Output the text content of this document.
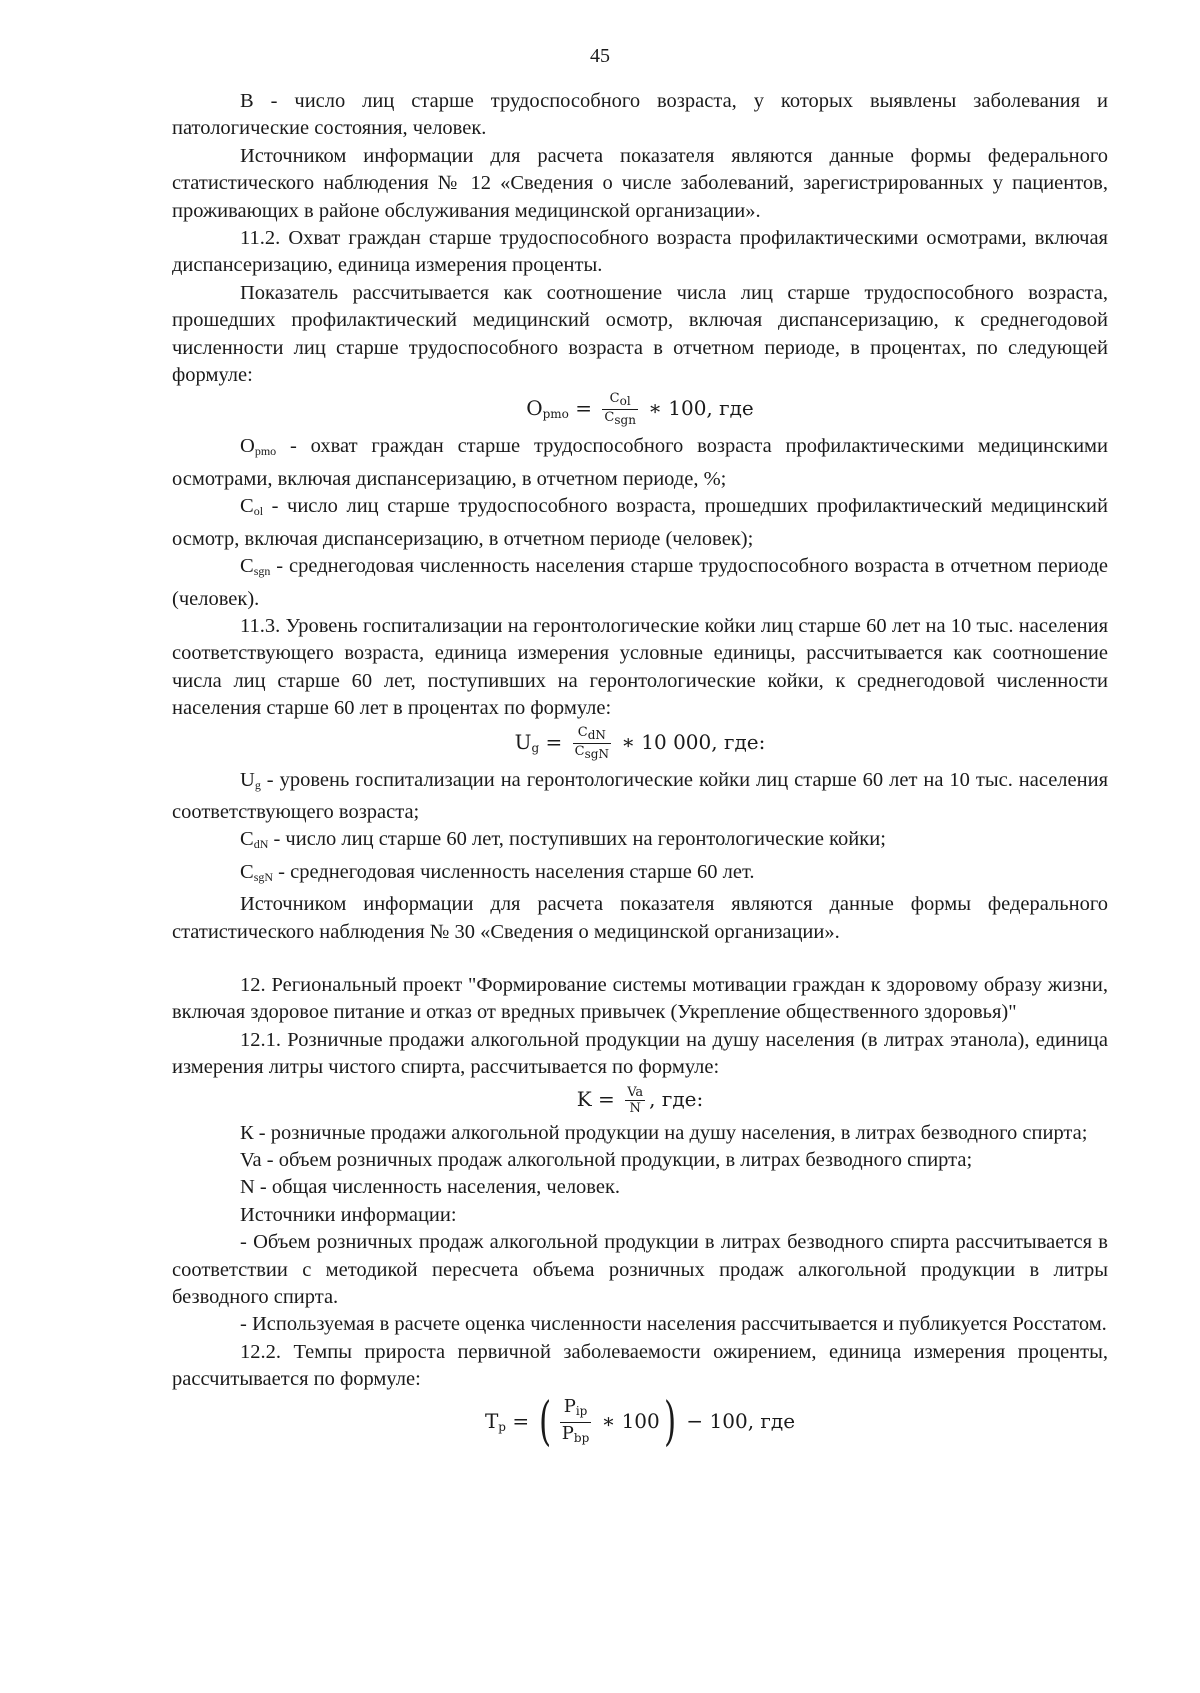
45

В - число лиц старше трудоспособного возраста, у которых выявлены заболевания и патологические состояния, человек.

Источником информации для расчета показателя являются данные формы федерального статистического наблюдения № 12 «Сведения о числе заболеваний, зарегистрированных у пациентов, проживающих в районе обслуживания медицинской организации».

11.2. Охват граждан старше трудоспособного возраста профилактическими осмотрами, включая диспансеризацию, единица измерения проценты.

Показатель рассчитывается как соотношение числа лиц старше трудоспособного возраста, прошедших профилактический медицинский осмотр, включая диспансеризацию, к среднегодовой численности лиц старше трудоспособного возраста в отчетном периоде, в процентах, по следующей формуле:

$O_{pmo} = \frac{C_{ol}}{C_{sgn}}$ ∗ 100, где

$О_{pmo}$ - охват граждан старше трудоспособного возраста профилактическими медицинскими осмотрами, включая диспансеризацию, в отчетном периоде, %;

$С_{ol}$ - число лиц старше трудоспособного возраста, прошедших профилактический медицинский осмотр, включая диспансеризацию, в отчетном периоде (человек);

$С_{sgn}$ - среднегодовая численность населения старше трудоспособного возраста в отчетном периоде (человек).

11.3. Уровень госпитализации на геронтологические койки лиц старше 60 лет на 10 тыс. населения соответствующего возраста, единица измерения условные единицы, рассчитывается как соотношение числа лиц старше 60 лет, поступивших на геронтологические койки, к среднегодовой численности населения старше 60 лет в процентах по формуле:

$U_g = \frac{C_{dN}}{C_{sgN}}$ ∗ 10 000, где:

$U_g$ - уровень госпитализации на геронтологические койки лиц старше 60 лет на 10 тыс. населения соответствующего возраста;

$С_{dN}$ - число лиц старше 60 лет, поступивших на геронтологические койки;

$С_{sgN}$ - среднегодовая численность населения старше 60 лет.

Источником информации для расчета показателя являются данные формы федерального статистического наблюдения № 30 «Сведения о медицинской организации».

12. Региональный проект "Формирование системы мотивации граждан к здоровому образу жизни, включая здоровое питание и отказ от вредных привычек (Укрепление общественного здоровья)"

12.1. Розничные продажи алкогольной продукции на душу населения (в литрах этанола), единица измерения литры чистого спирта, рассчитывается по формуле:

$K = \frac{Va}{N}$ , где:

К - розничные продажи алкогольной продукции на душу населения, в литрах безводного спирта;

Va - объем розничных продаж алкогольной продукции, в литрах безводного спирта;

N - общая численность населения, человек.

Источники информации:

- Объем розничных продаж алкогольной продукции в литрах безводного спирта рассчитывается в соответствии с методикой пересчета объема розничных продаж алкогольной продукции в литры безводного спирта.

- Используемая в расчете оценка численности населения рассчитывается и публикуется Росстатом.

12.2. Темпы прироста первичной заболеваемости ожирением, единица измерения проценты, рассчитывается по формуле:

$T_p$ = ( $\frac{P_{ip}}{P_{bp}}$ ∗ 100) − 100, где
